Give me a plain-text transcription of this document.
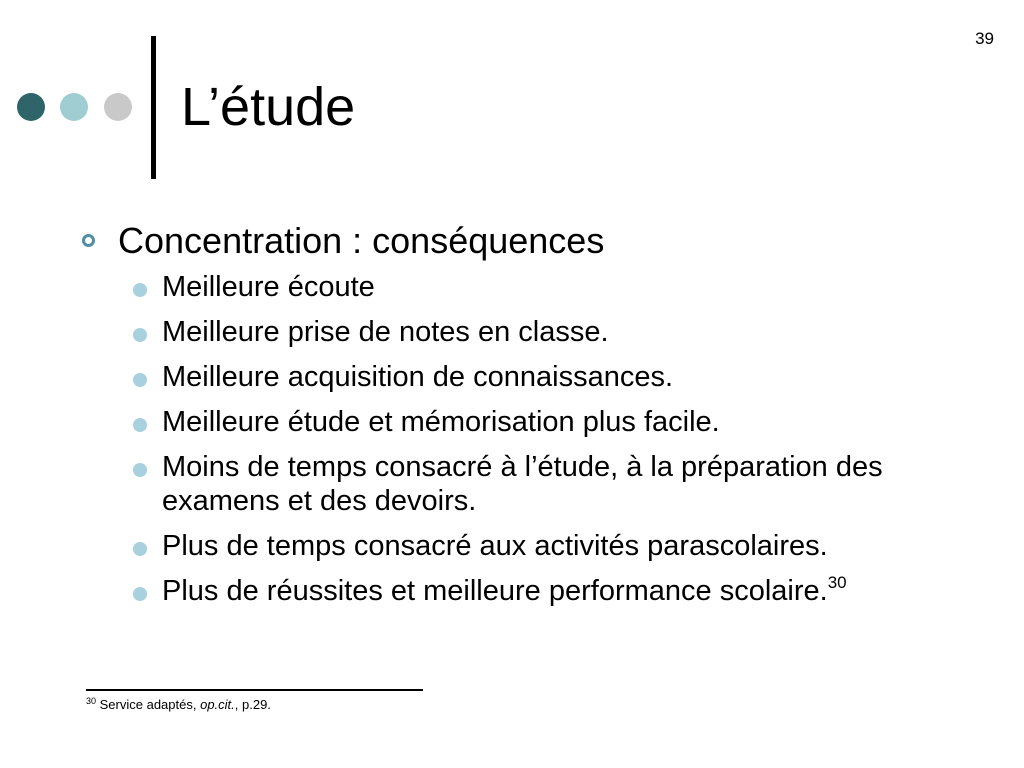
39
L’étude
Concentration : conséquences
Meilleure écoute
Meilleure prise de notes en classe.
Meilleure acquisition de connaissances.
Meilleure étude et mémorisation plus facile.
Moins de temps consacré à l’étude, à la préparation des examens et des devoirs.
Plus de temps consacré aux activités parascolaires.
Plus de réussites et meilleure performance scolaire.$^{30}$
$^{30}$ Service adaptés, op.cit., p.29.
